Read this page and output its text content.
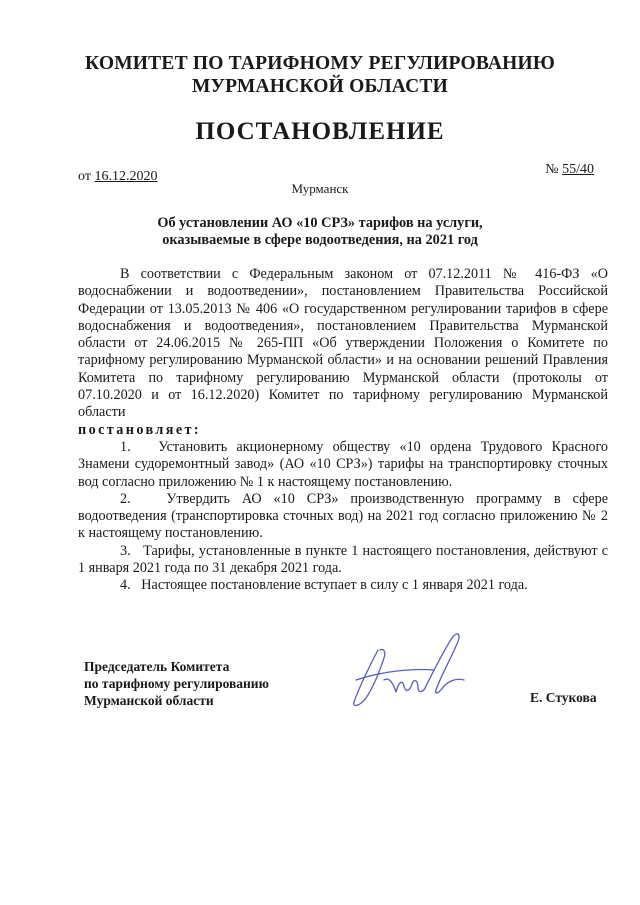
КОМИТЕТ ПО ТАРИФНОМУ РЕГУЛИРОВАНИЮ
МУРМАНСКОЙ ОБЛАСТИ
ПОСТАНОВЛЕНИЕ
от 16.12.2020	№ 55/40
Мурманск
Об установлении АО «10 СРЗ» тарифов на услуги,
оказываемые в сфере водоотведения, на 2021 год

В соответствии с Федеральным законом от 07.12.2011 № 416-ФЗ «О водоснабжении и водоотведении», постановлением Правительства Российской Федерации от 13.05.2013 № 406 «О государственном регулировании тарифов в сфере водоснабжения и водоотведения», постановлением Правительства Мурманской области от 24.06.2015 № 265-ПП «Об утверждении Положения о Комитете по тарифному регулированию Мурманской области» и на основании решений Правления Комитета по тарифному регулированию Мурманской области (протоколы от 07.10.2020 и от 16.12.2020) Комитет по тарифному регулированию Мурманской области

постановляет:

1.   Установить акционерному обществу «10 ордена Трудового Красного Знамени судоремонтный завод» (АО «10 СРЗ») тарифы на транспортировку сточных вод согласно приложению № 1 к настоящему постановлению.

2.   Утвердить АО «10 СРЗ» производственную программу в сфере водоотведения (транспортировка сточных вод) на 2021 год согласно приложению № 2 к настоящему постановлению.

3.   Тарифы, установленные в пункте 1 настоящего постановления, действуют с 1 января 2021 года по 31 декабря 2021 года.

4.   Настоящее постановление вступает в силу с 1 января 2021 года.

Председатель Комитета
по тарифному регулированию
Мурманской области	Е. Стукова
